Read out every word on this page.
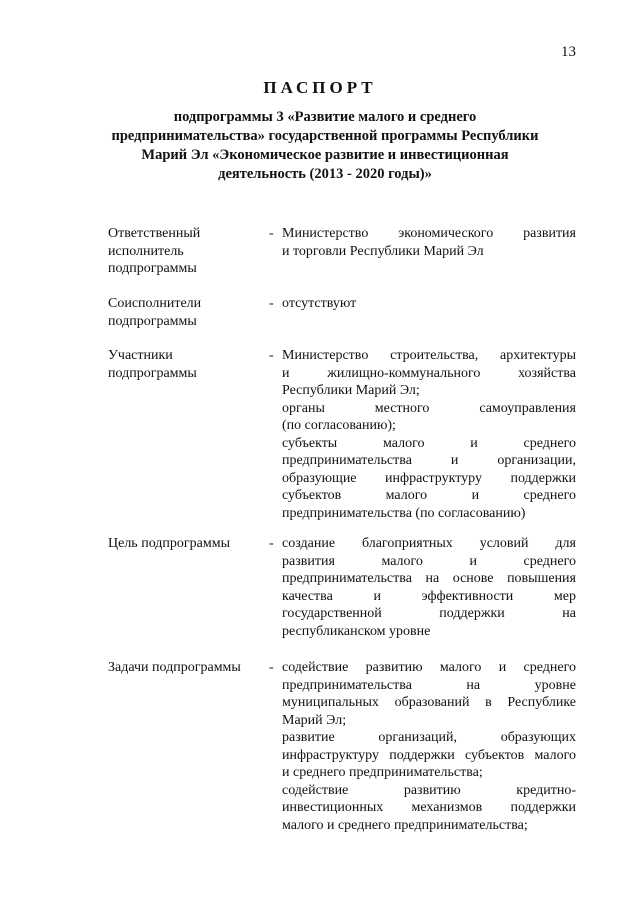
13
ПАСПОРТ
подпрограммы 3 «Развитие малого и среднего
предпринимательства» государственной программы Республики
Марий Эл «Экономическое развитие и инвестиционная
деятельность (2013 - 2020 годы)»
Ответственный
исполнитель
подпрограммы
- Министерство экономического развития
и торговли Республики Марий Эл
Соисполнители
подпрограммы
- отсутствуют
Участники
подпрограммы
- Министерство строительства, архитектуры
и	жилищно-коммунального	хозяйства
Республики Марий Эл;
органы	местного	самоуправления
(по согласованию);
субъекты	малого	и	среднего
предпринимательства	и	организации,
образующие инфраструктуру поддержки
субъектов	малого	и	среднего
предпринимательства (по согласованию)
Цель подпрограммы	- создание благоприятных условий для
развития	малого	и	среднего
предпринимательства на основе повышения
качества	и	эффективности	мер
государственной	поддержки	на
республиканском уровне
Задачи подпрограммы	- содействие развитию малого и среднего
предпринимательства	на	уровне
муниципальных образований в Республике
Марий Эл;
развитие	организаций,	образующих
инфраструктуру поддержки субъектов малого
и среднего предпринимательства;
содействие	развитию	кредитно-
инвестиционных механизмов поддержки
малого и среднего предпринимательства;
